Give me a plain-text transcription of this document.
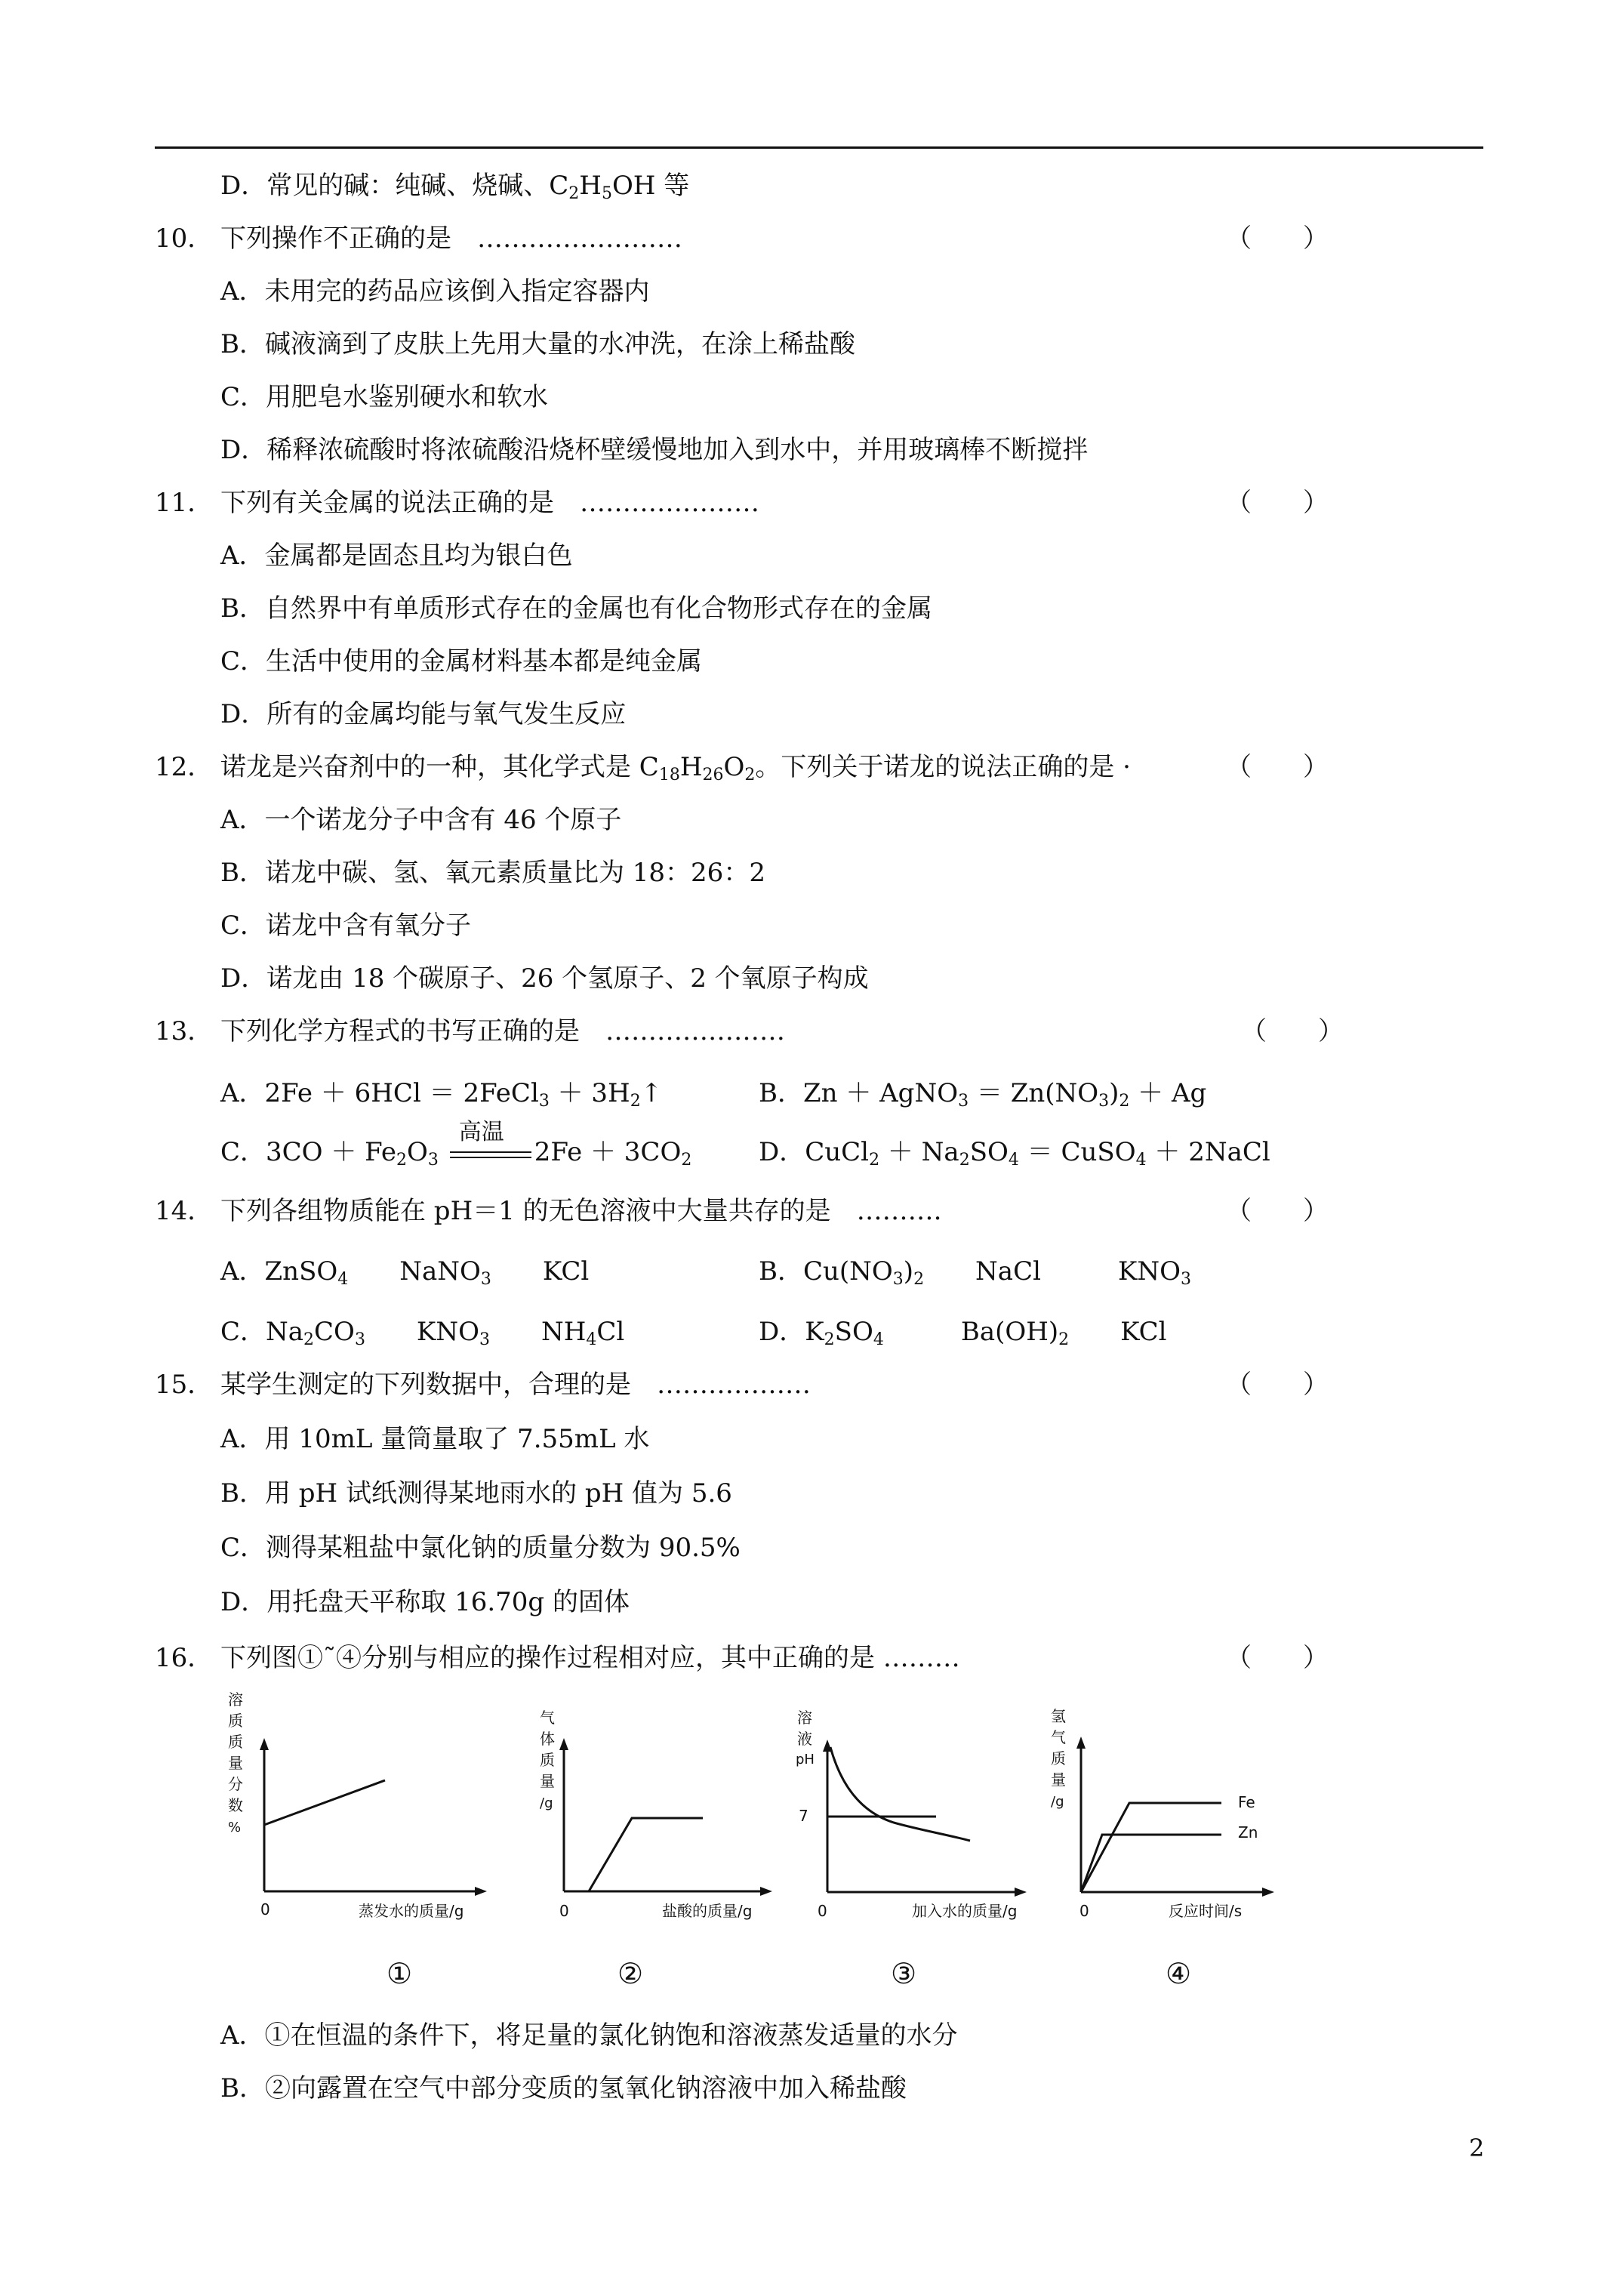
D．常见的碱：纯碱、烧碱、$C_2H_5OH$ 等
10． 下列操作不正确的是　……………………	（　　）
A．未用完的药品应该倒入指定容器内
B．碱液滴到了皮肤上先用大量的水冲洗，在涂上稀盐酸
C．用肥皂水鉴别硬水和软水
D．稀释浓硫酸时将浓硫酸沿烧杯壁缓慢地加入到水中，并用玻璃棒不断搅拌
11． 下列有关金属的说法正确的是　…………………	（　　）
A．金属都是固态且均为银白色
B．自然界中有单质形式存在的金属也有化合物形式存在的金属
C．生活中使用的金属材料基本都是纯金属
D．所有的金属均能与氧气发生反应
12． 诺龙是兴奋剂中的一种，其化学式是 $C_{18}H_{26}O_2$。下列关于诺龙的说法正确的是 ·	（　　）
A．一个诺龙分子中含有 46 个原子
B．诺龙中碳、氢、氧元素质量比为 18：26：2
C．诺龙中含有氧分子
D．诺龙由 18 个碳原子、26 个氢原子、2 个氧原子构成
13． 下列化学方程式的书写正确的是　…………………	（　　）
A．2Fe ＋ 6HCl ＝ 2FeCl$_3$ ＋ $3H_2↑$	B．Zn ＋ AgNO$_3$ ＝ $Zn(NO_3)_2 + Ag$
C．$3CO + Fe_2O_3$
高温
$2Fe + 3CO_2$	D．CuCl$_2$ ＋ $Na_2SO_4$ ＝ CuSO$_4$ ＋ 2NaCl
14． 下列各组物质能在 pH＝1 的无色溶液中大量共存的是　……….	（　　）
A．ZnSO$_4$　　NaNO$_3$　　KCl	B．$Cu(NO_3)_2$　　NaCl　　　$KNO_3$
C．$Na_2CO_3$　　$KNO_3$　　$NH_4Cl$	D．$K_2SO_4$　　　$Ba(OH)_2$　　KCl
15． 某学生测定的下列数据中，合理的是　………………	（　　）
A．用 10mL 量筒量取了 7.55mL 水
B．用 pH 试纸测得某地雨水的 pH 值为 5.6
C．测得某粗盐中氯化钠的质量分数为 90.5%
D．用托盘天平称取 16.70g 的固体
16． 下列图①˜④分别与相应的操作过程相对应，其中正确的是 ………	（　　）
溶
质
质
量
分
数
%
0	蒸发水的质量/g
①
气
体
质
量
/g
0	盐酸的质量/g
②
溶
液
pH
7
0	加入水的质量/g
③
氢
气
质
量
/g
0	反应时间/s
Fe
Zn
④
A．①在恒温的条件下，将足量的氯化钠饱和溶液蒸发适量的水分
B．②向露置在空气中部分变质的氢氧化钠溶液中加入稀盐酸
2
